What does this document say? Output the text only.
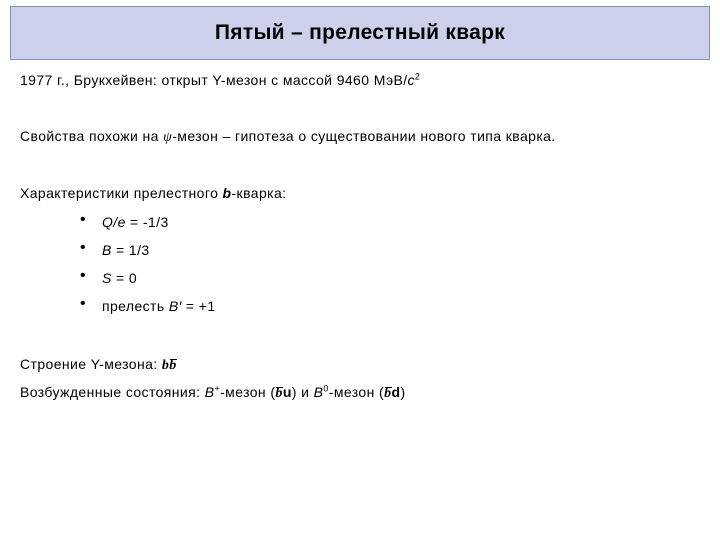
Пятый – прелестный кварк
1977 г., Брукхейвен: открыт Υ-мезон с массой 9460 МэВ/$c^2$
Свойства похожи на ψ-мезон – гипотеза о существовании нового типа кварка.
Характеристики прелестного b-кварка:
• Q/e = -1/3
• B = 1/3
• S = 0
• прелесть B′ = +1
Строение Υ-мезона: bb
Возбужденные состояния: B+-мезон (bu) и $B^0$-мезон (bd)
